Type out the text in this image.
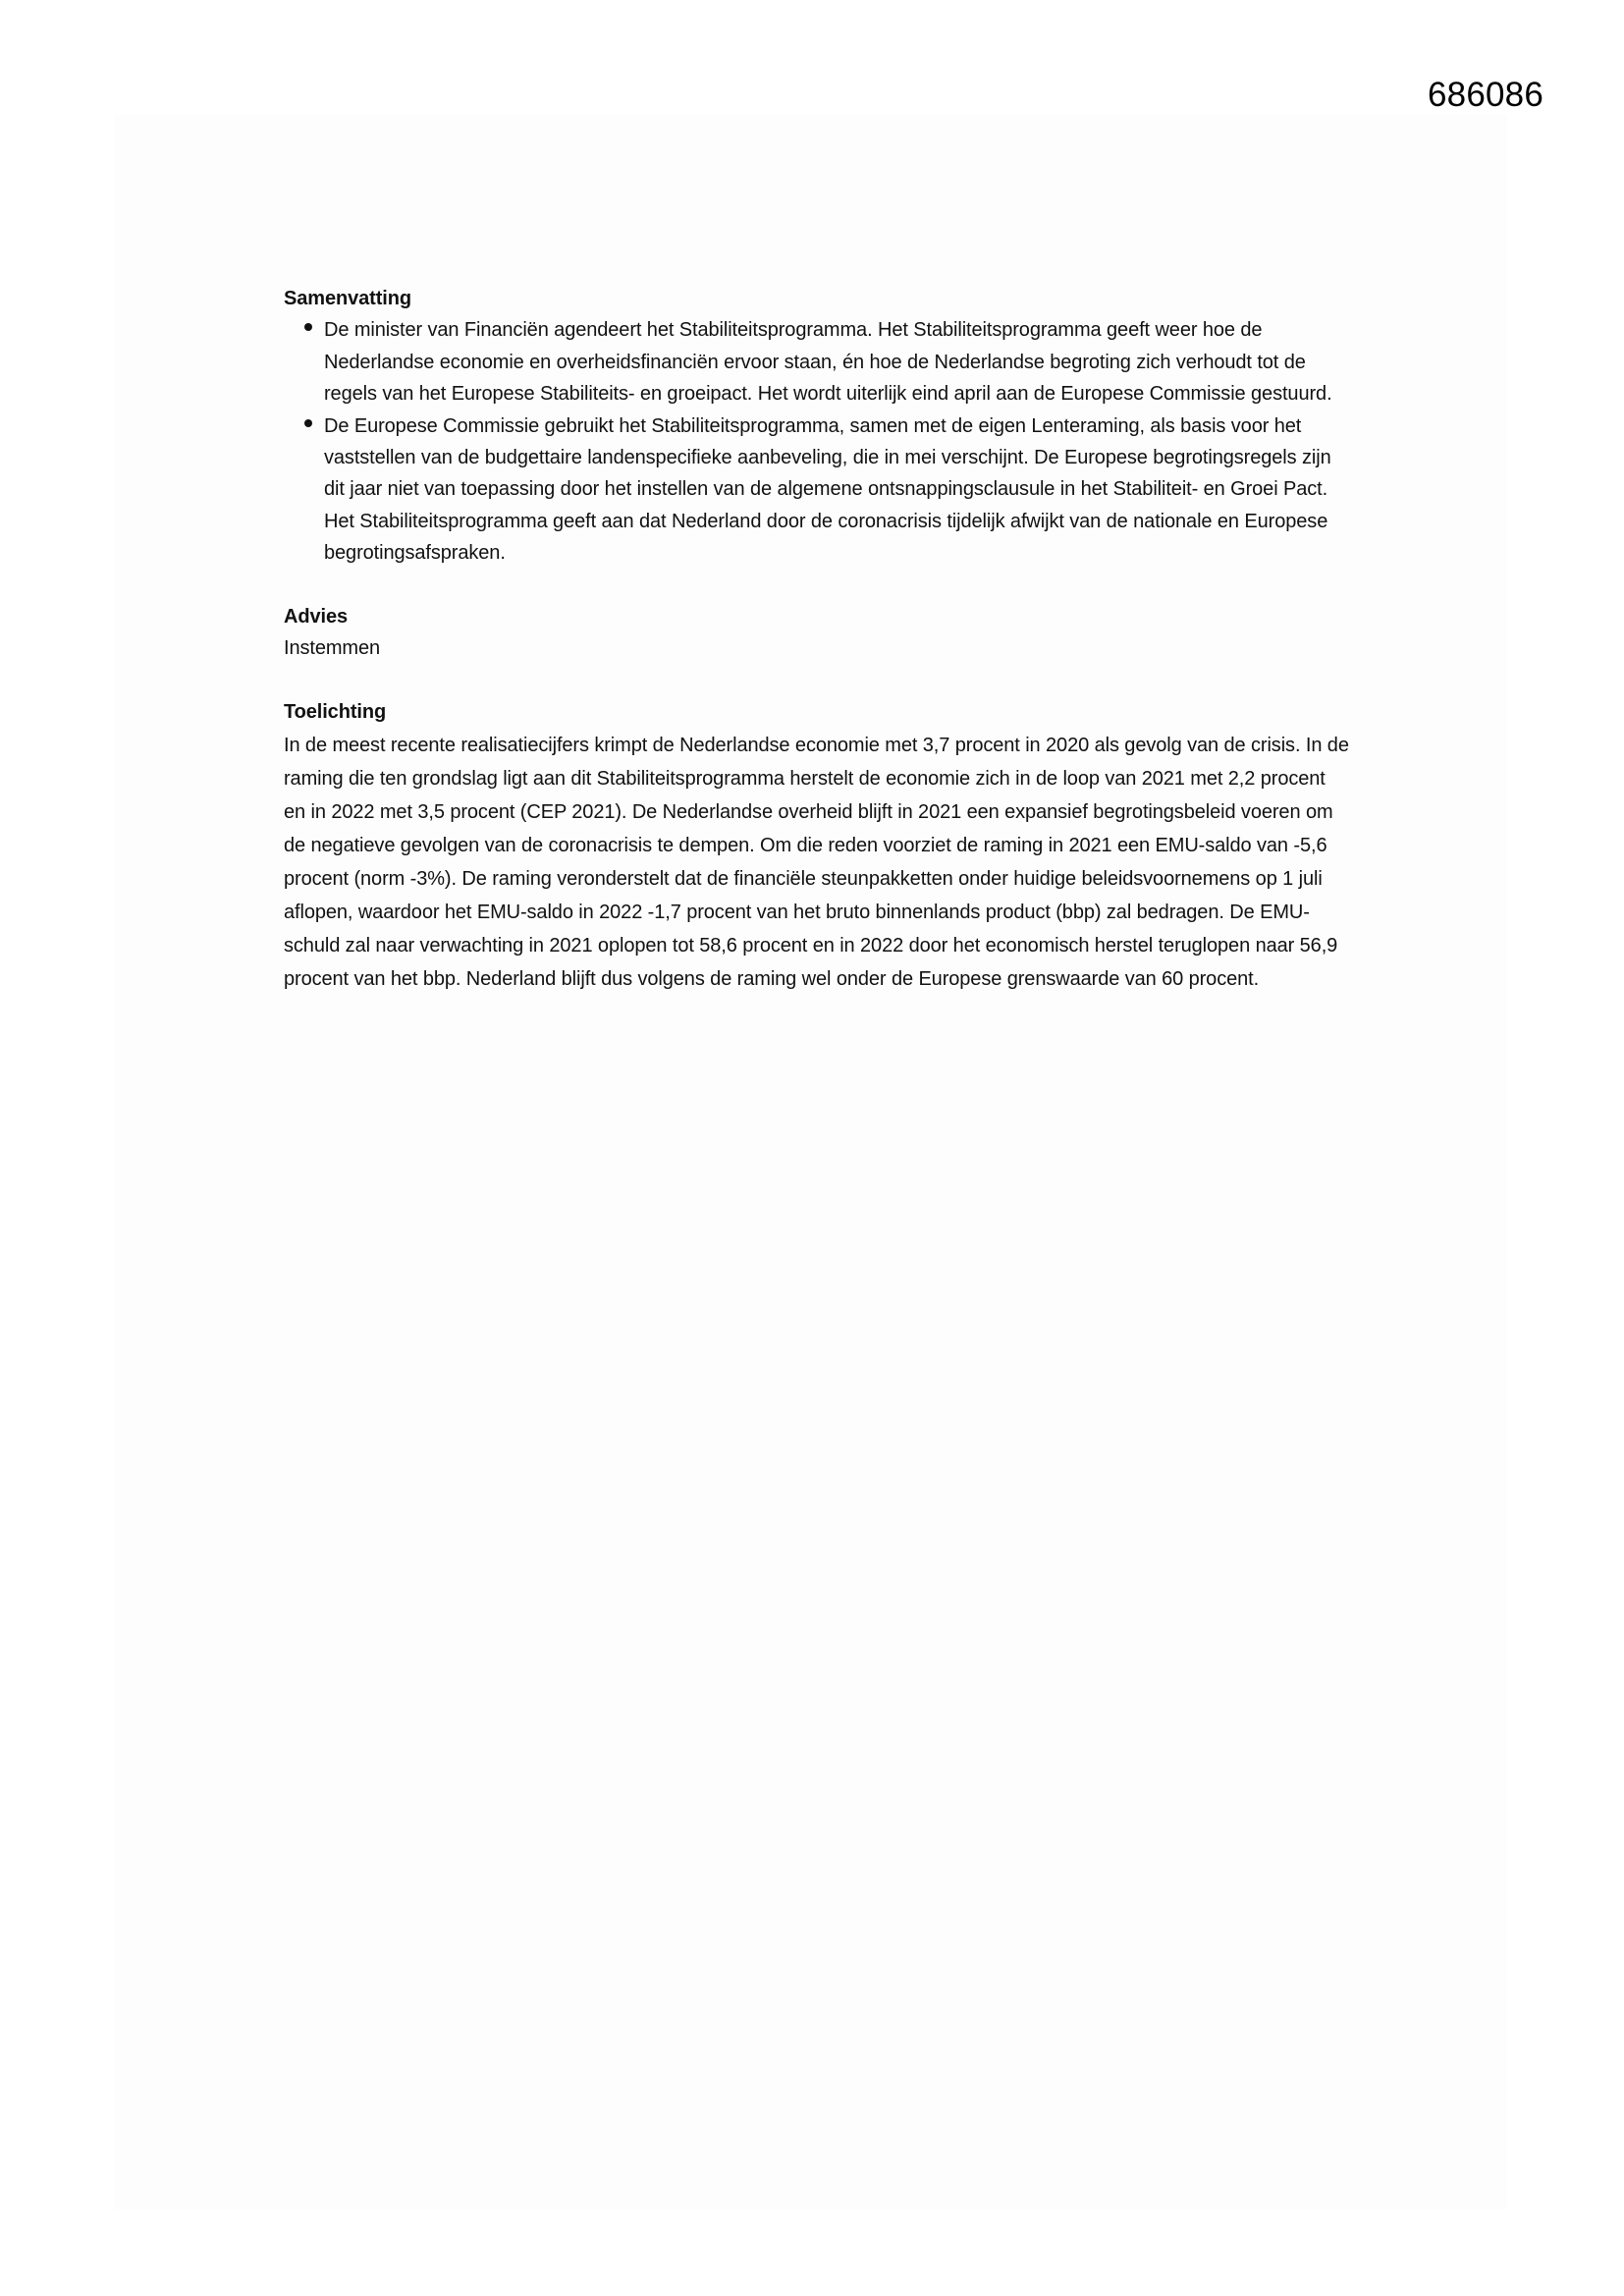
686086
Samenvatting
De minister van Financiën agendeert het Stabiliteitsprogramma. Het Stabiliteitsprogramma geeft weer hoe de Nederlandse economie en overheidsfinanciën ervoor staan, én hoe de Nederlandse begroting zich verhoudt tot de regels van het Europese Stabiliteits- en groeipact. Het wordt uiterlijk eind april aan de Europese Commissie gestuurd.
De Europese Commissie gebruikt het Stabiliteitsprogramma, samen met de eigen Lenteraming, als basis voor het vaststellen van de budgettaire landenspecifieke aanbeveling, die in mei verschijnt. De Europese begrotingsregels zijn dit jaar niet van toepassing door het instellen van de algemene ontsnappingsclausule in het Stabiliteit- en Groei Pact. Het Stabiliteitsprogramma geeft aan dat Nederland door de coronacrisis tijdelijk afwijkt van de nationale en Europese begrotingsafspraken.
Advies

Instemmen

Toelichting

In de meest recente realisatiecijfers krimpt de Nederlandse economie met 3,7 procent in 2020 als gevolg van de crisis. In de raming die ten grondslag ligt aan dit Stabiliteitsprogramma herstelt de economie zich in de loop van 2021 met 2,2 procent en in 2022 met 3,5 procent (CEP 2021). De Nederlandse overheid blijft in 2021 een expansief begrotingsbeleid voeren om de negatieve gevolgen van de coronacrisis te dempen. Om die reden voorziet de raming in 2021 een EMU-saldo van -5,6 procent (norm -3%). De raming veronderstelt dat de financiële steunpakketten onder huidige beleidsvoornemens op 1 juli aflopen, waardoor het EMU-saldo in 2022 -1,7 procent van het bruto binnenlands product (bbp) zal bedragen. De EMU-schuld zal naar verwachting in 2021 oplopen tot 58,6 procent en in 2022 door het economisch herstel teruglopen naar 56,9 procent van het bbp. Nederland blijft dus volgens de raming wel onder de Europese grenswaarde van 60 procent.
